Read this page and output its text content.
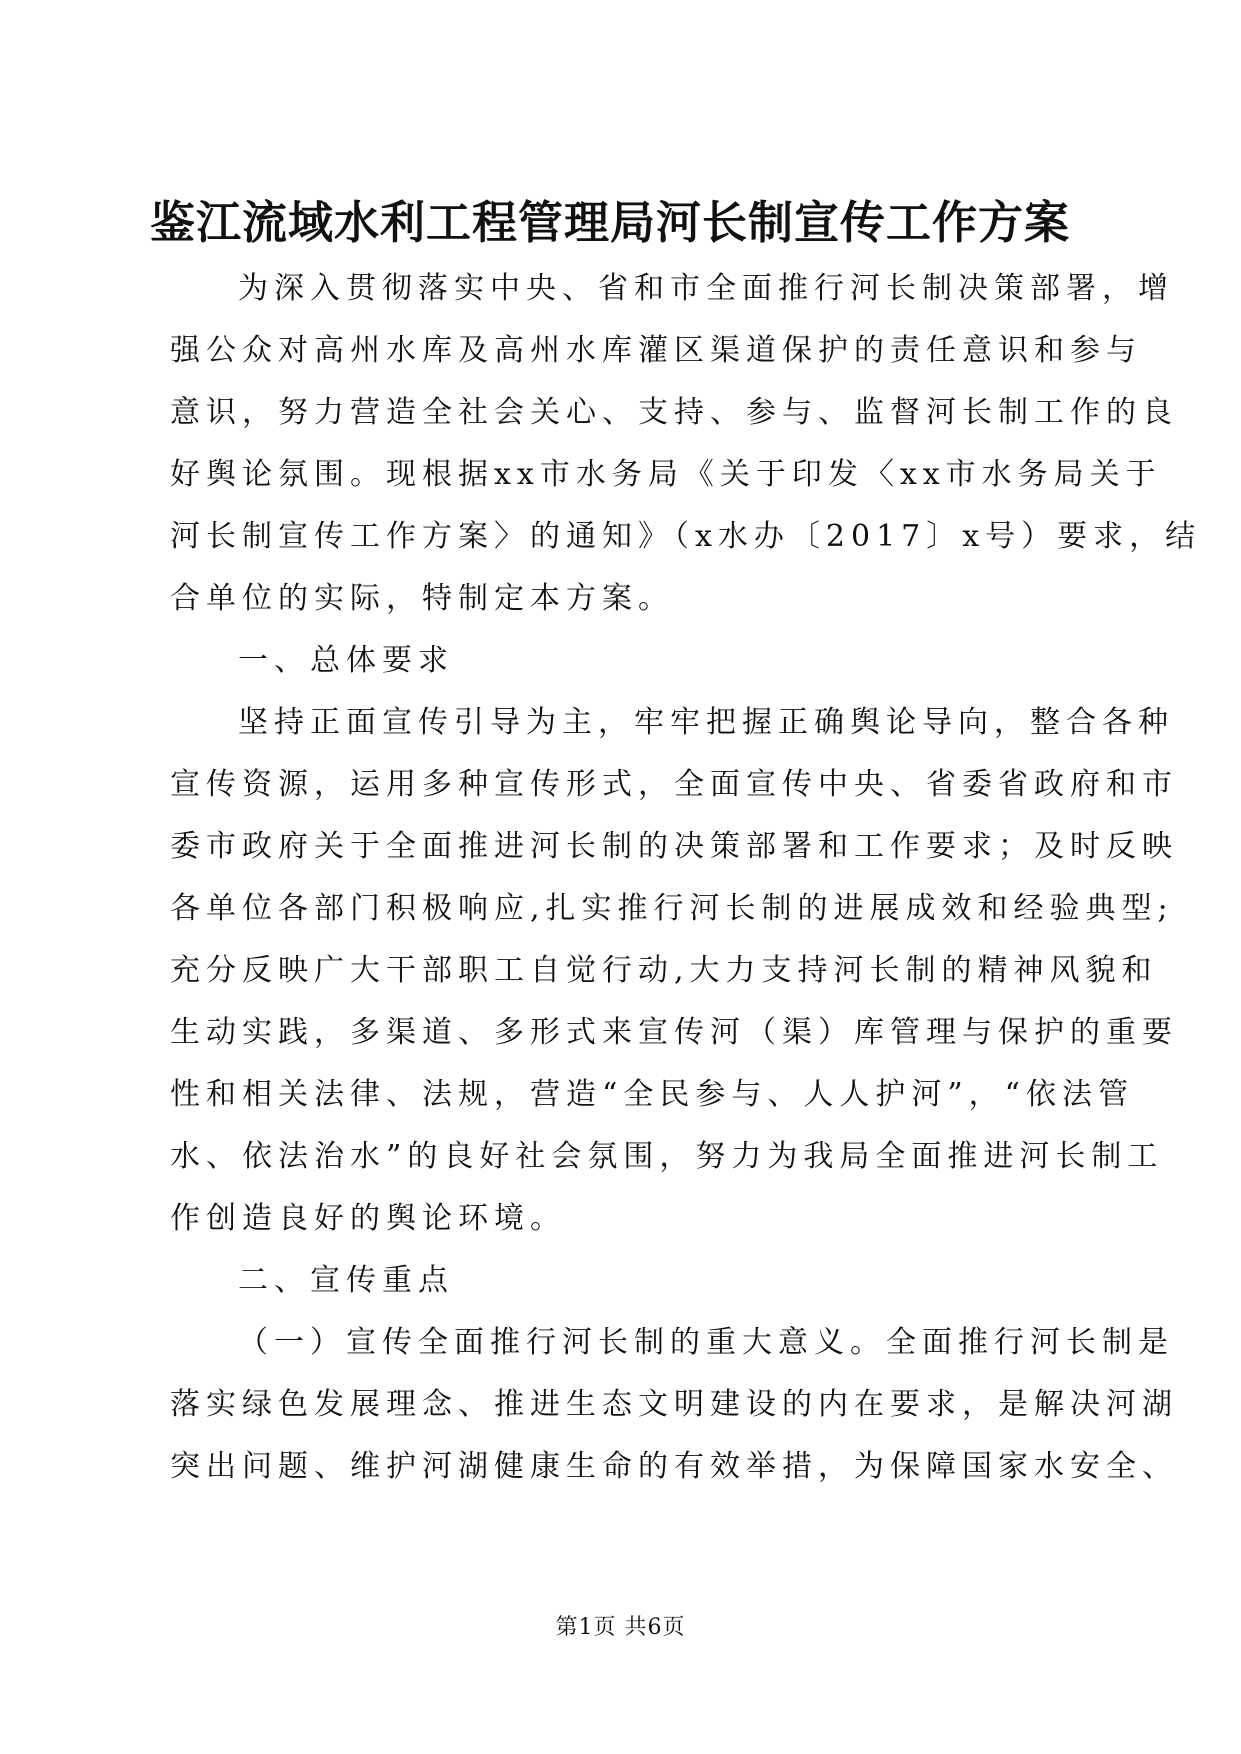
鉴江流域水利工程管理局河长制宣传工作方案
为深入贯彻落实中央、省和市全面推行河长制决策部署，增
强公众对高州水库及高州水库灌区渠道保护的责任意识和参与
意识，努力营造全社会关心、支持、参与、监督河长制工作的良
好舆论氛围。现根据xx市水务局《关于印发〈xx市水务局关于
河长制宣传工作方案〉的通知》（x水办〔2017〕x号）要求，结
合单位的实际，特制定本方案。
一、总体要求
坚持正面宣传引导为主，牢牢把握正确舆论导向，整合各种
宣传资源，运用多种宣传形式，全面宣传中央、省委省政府和市
委市政府关于全面推进河长制的决策部署和工作要求；及时反映
各单位各部门积极响应,扎实推行河长制的进展成效和经验典型;
充分反映广大干部职工自觉行动,大力支持河长制的精神风貌和
生动实践，多渠道、多形式来宣传河（渠）库管理与保护的重要
性和相关法律、法规，营造“全民参与、人人护河”，“依法管
水、依法治水”的良好社会氛围，努力为我局全面推进河长制工
作创造良好的舆论环境。
二、宣传重点
（一）宣传全面推行河长制的重大意义。全面推行河长制是
落实绿色发展理念、推进生态文明建设的内在要求，是解决河湖
突出问题、维护河湖健康生命的有效举措，为保障国家水安全、
第1页 共6页
